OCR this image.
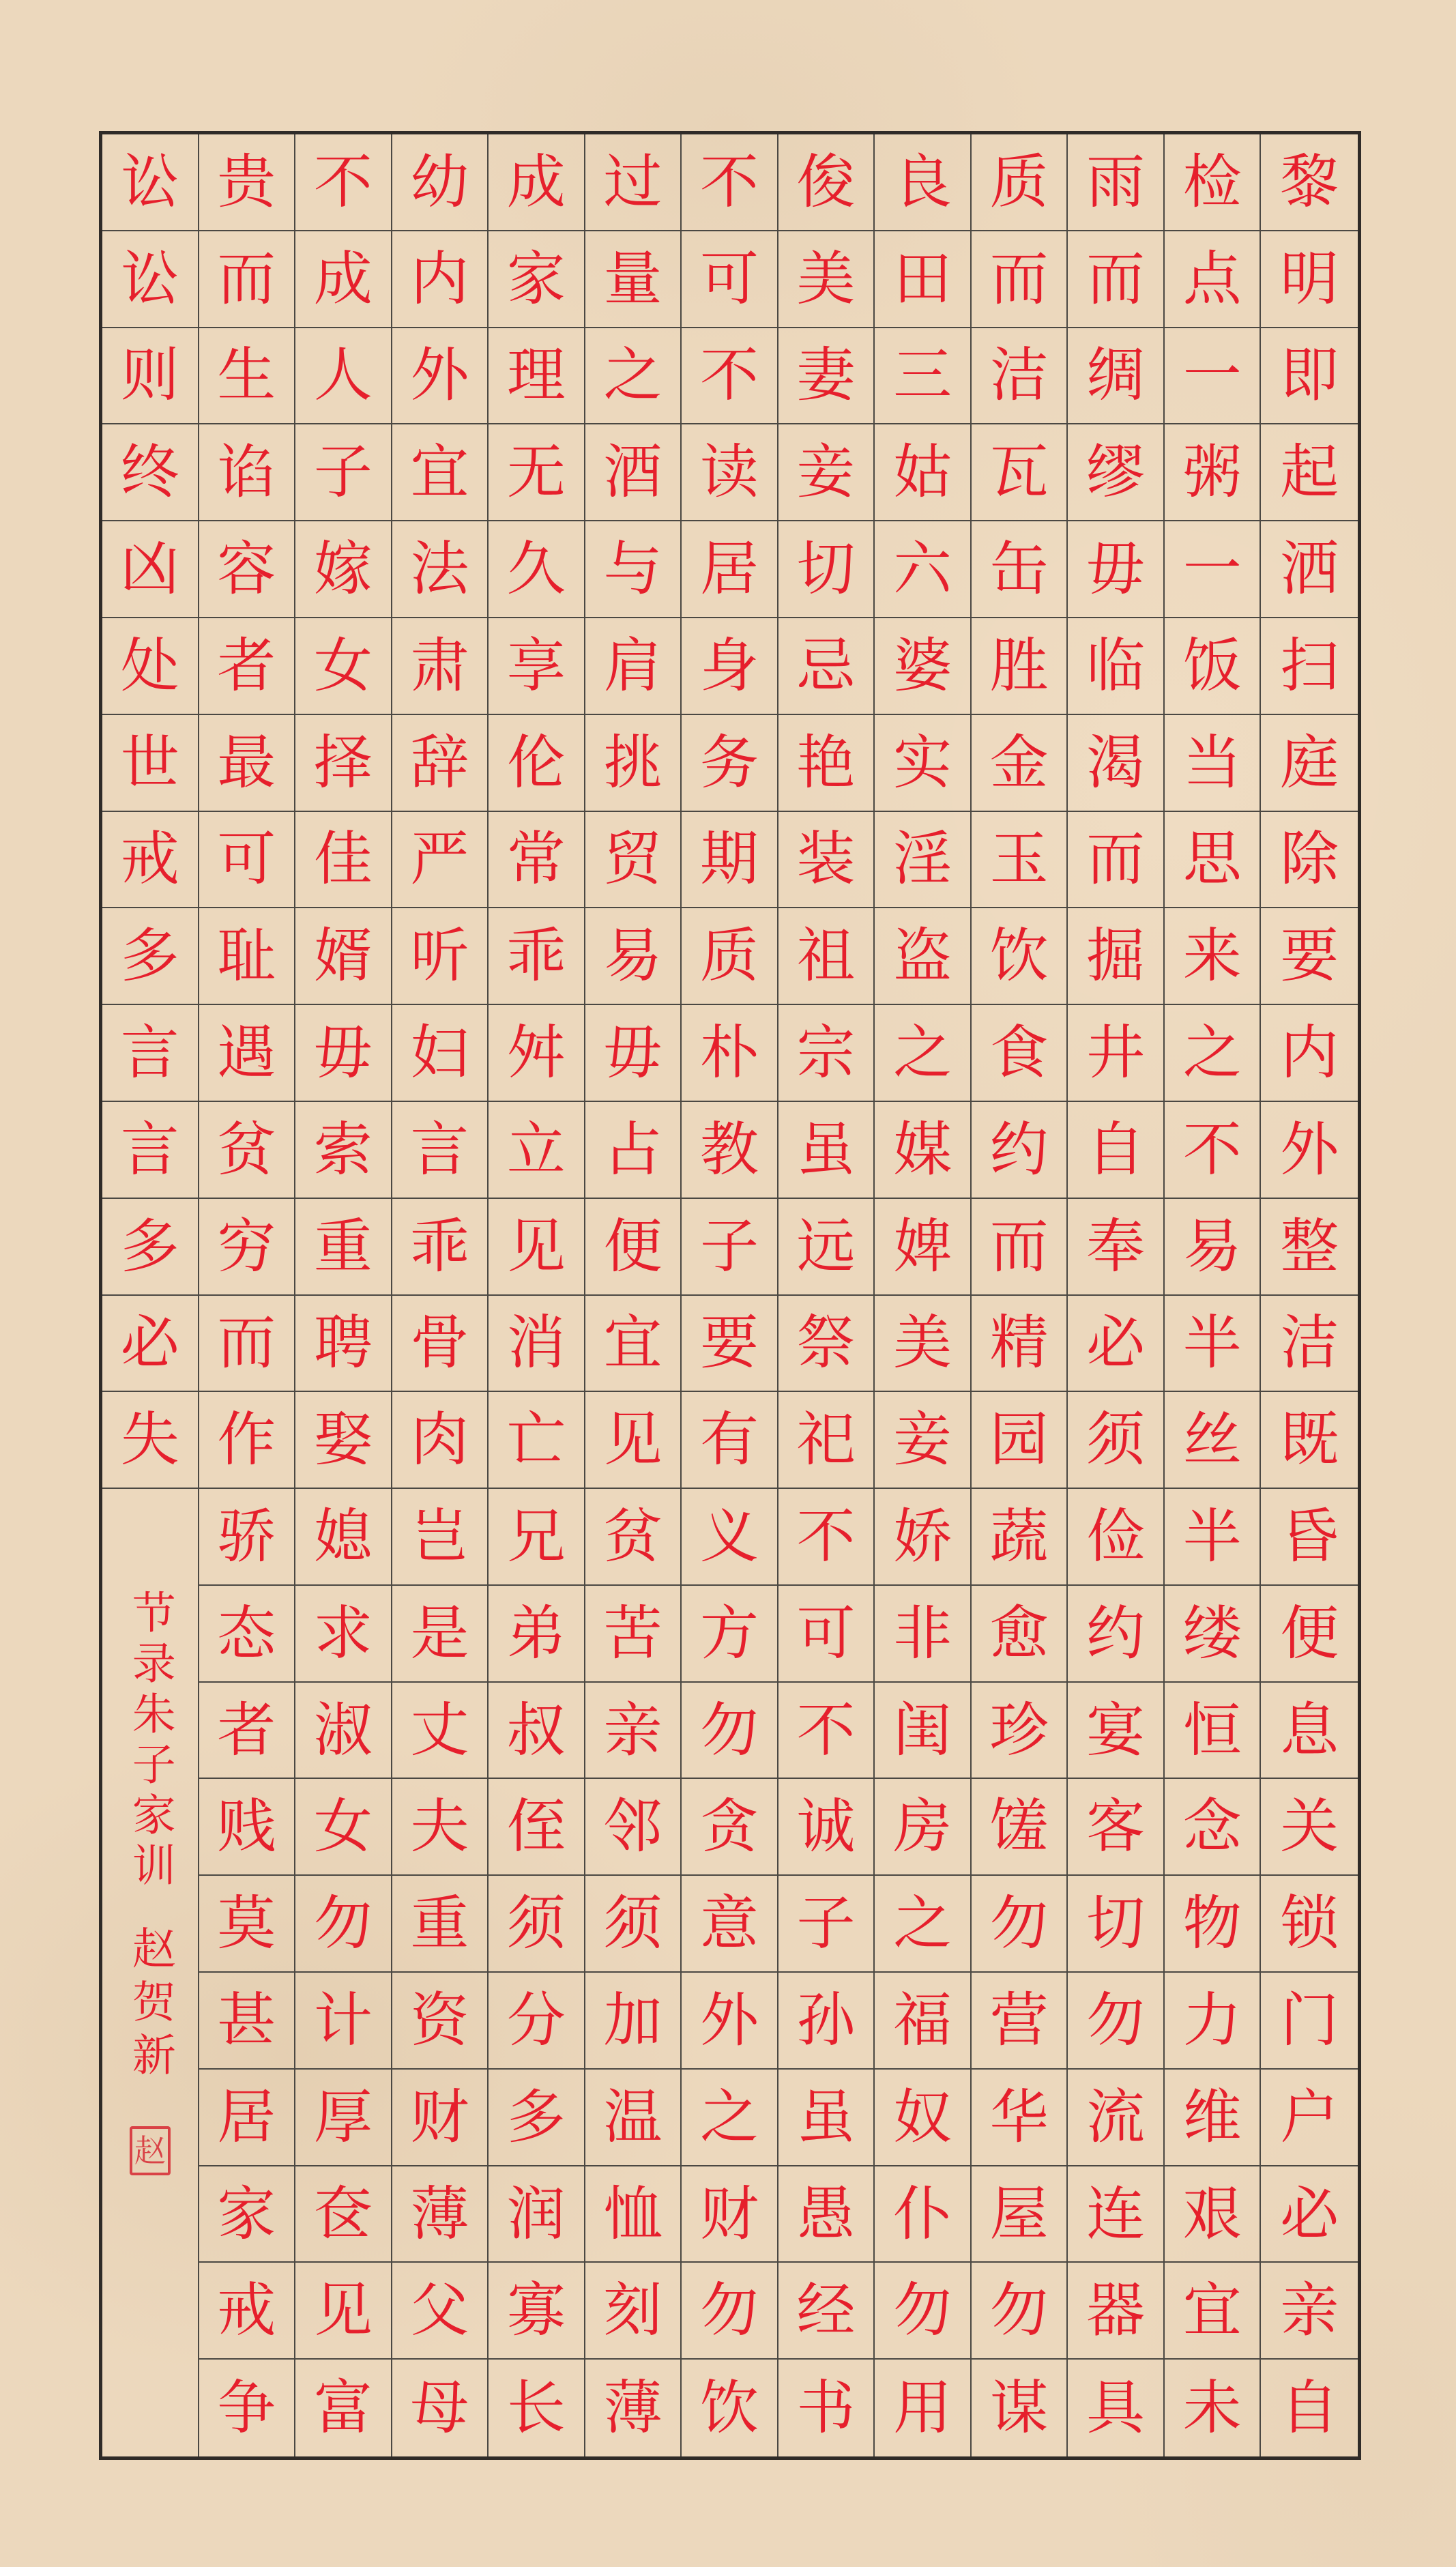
节录朱子家训
赵贺新
赵
黎
明
即
起
洒
扫
庭
除
要
内
外
整
洁
既
昏
便
息
关
锁
门
户
必
亲
自
检
点
一
粥
一
饭
当
思
来
之
不
易
半
丝
半
缕
恒
念
物
力
维
艰
宜
未
雨
而
绸
缪
毋
临
渴
而
掘
井
自
奉
必
须
俭
约
宴
客
切
勿
流
连
器
具
质
而
洁
瓦
缶
胜
金
玉
饮
食
约
而
精
园
蔬
愈
珍
馐
勿
营
华
屋
勿
谋
良
田
三
姑
六
婆
实
淫
盗
之
媒
婢
美
妾
娇
非
闺
房
之
福
奴
仆
勿
用
俊
美
妻
妾
切
忌
艳
装
祖
宗
虽
远
祭
祀
不
可
不
诚
子
孙
虽
愚
经
书
不
可
不
读
居
身
务
期
质
朴
教
子
要
有
义
方
勿
贪
意
外
之
财
勿
饮
过
量
之
酒
与
肩
挑
贸
易
毋
占
便
宜
见
贫
苦
亲
邻
须
加
温
恤
刻
薄
成
家
理
无
久
享
伦
常
乖
舛
立
见
消
亡
兄
弟
叔
侄
须
分
多
润
寡
长
幼
内
外
宜
法
肃
辞
严
听
妇
言
乖
骨
肉
岂
是
丈
夫
重
资
财
薄
父
母
不
成
人
子
嫁
女
择
佳
婿
毋
索
重
聘
娶
媳
求
淑
女
勿
计
厚
奁
见
富
贵
而
生
谄
容
者
最
可
耻
遇
贫
穷
而
作
骄
态
者
贱
莫
甚
居
家
戒
争
讼
讼
则
终
凶
处
世
戒
多
言
言
多
必
失
